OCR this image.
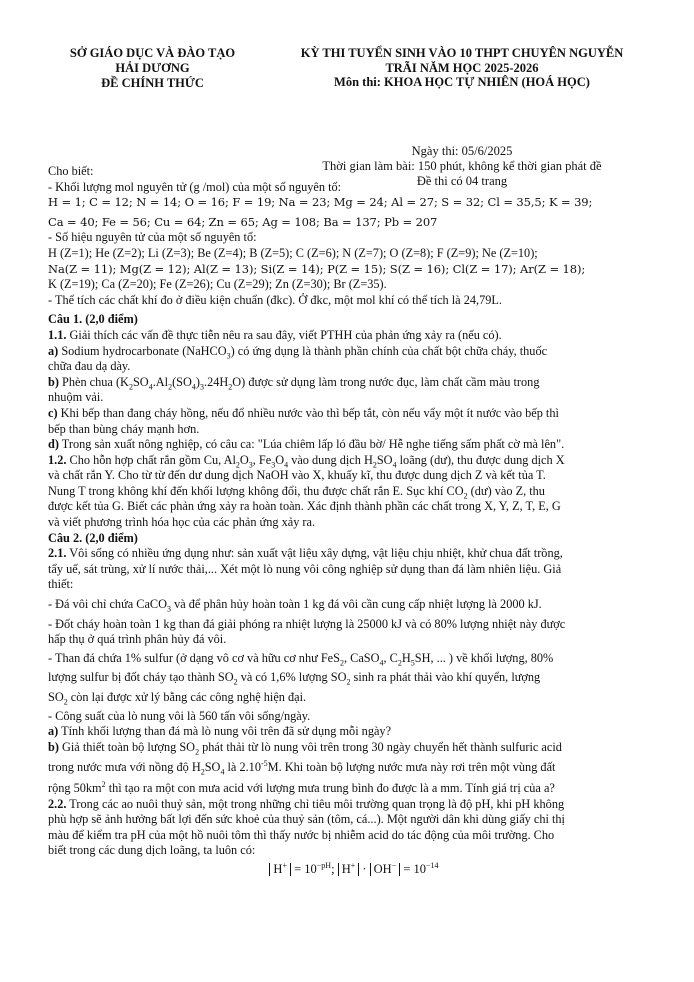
SỞ GIÁO DỤC VÀ ĐÀO TẠO
HẢI DƯƠNG
ĐỀ CHÍNH THỨC
KỲ THI TUYỂN SINH VÀO 10 THPT CHUYÊN NGUYỄN
TRÃI NĂM HỌC 2025-2026
Môn thi: KHOA HỌC TỰ NHIÊN (HOÁ HỌC)
Ngày thi: 05/6/2025
Thời gian làm bài: 150 phút, không kể thời gian phát đề
Đề thi có 04 trang
Cho biết:
- Khối lượng mol nguyên tử (g /mol) của một số nguyên tố:
H = 1; C = 12; N = 14; O = 16; F = 19; Na = 23; Mg = 24; Al = 27; S = 32; Cl = 35,5; K = 39;
Ca = 40; Fe = 56; Cu = 64; Zn = 65; Ag = 108; Ba = 137; Pb = 207
- Số hiệu nguyên tử của một số nguyên tố:
H (Z=1); He (Z=2); Li (Z=3); Be (Z=4); B (Z=5); C (Z=6); N (Z=7); O (Z=8); F (Z=9); Ne (Z=10);
Na(Z = 11); Mg(Z = 12); Al(Z = 13); Si(Z = 14); P(Z = 15); S(Z = 16); Cl(Z = 17); Ar(Z = 18);
K (Z=19); Ca (Z=20); Fe (Z=26); Cu (Z=29); Zn (Z=30); Br (Z=35).
- Thể tích các chất khí đo ở điều kiện chuẩn (đkc). Ở đkc, một mol khí có thể tích là 24,79L.
Câu 1. (2,0 điểm)
1.1. Giải thích các vấn đề thực tiễn nêu ra sau đây, viết PTHH của phản ứng xảy ra (nếu có).
a) Sodium hydrocarbonate (NaHCO$_3$) có ứng dụng là thành phần chính của chất bột chữa cháy, thuốc
chữa đau dạ dày.
b) Phèn chua $(K_2SO_4.Al_2(SO_4)_3.24H_2O)$ được sử dụng làm trong nước đục, làm chất cầm màu trong
nhuộm vải.
c) Khi bếp than đang cháy hồng, nếu đổ nhiều nước vào thì bếp tắt, còn nếu vẩy một ít nước vào bếp thì
bếp than bùng cháy mạnh hơn.
d) Trong sản xuất nông nghiệp, có câu ca: "Lúa chiêm lấp ló đầu bờ/ Hễ nghe tiếng sấm phất cờ mà lên".
1.2. Cho hỗn hợp chất rắn gồm Cu, $Al_2O_3$, $Fe_3O_4$ vào dung dịch $H_2SO_4$ loãng (dư), thu được dung dịch X
và chất rắn Y. Cho từ từ đến dư dung dịch NaOH vào X, khuấy kĩ, thu được dung dịch Z và kết tủa T.
Nung T trong không khí đến khối lượng không đổi, thu được chất rắn E. Sục khí $CO_2$ (dư) vào Z, thu
được kết tủa G. Biết các phản ứng xảy ra hoàn toàn. Xác định thành phần các chất trong X, Y, Z, T, E, G
và viết phương trình hóa học của các phản ứng xảy ra.
Câu 2. (2,0 điểm)
2.1. Vôi sống có nhiều ứng dụng như: sản xuất vật liệu xây dựng, vật liệu chịu nhiệt, khử chua đất trồng,
tẩy uế, sát trùng, xử lí nước thải,... Xét một lò nung vôi công nghiệp sử dụng than đá làm nhiên liệu. Giả
thiết:
- Đá vôi chỉ chứa CaCO$_3$ và để phân hủy hoàn toàn 1 kg đá vôi cần cung cấp nhiệt lượng là 2000 kJ.
- Đốt cháy hoàn toàn 1 kg than đá giải phóng ra nhiệt lượng là 25000 kJ và có 80% lượng nhiệt này được
hấp thụ ở quá trình phân hủy đá vôi.
- Than đá chứa 1% sulfur (ở dạng vô cơ và hữu cơ như FeS$_2$, CaSO$_4$, $C_2H_5SH$, ... ) về khối lượng, 80%
lượng sulfur bị đốt cháy tạo thành $SO_2$ và có 1,6% lượng $SO_2$ sinh ra phát thải vào khí quyển, lượng
$SO_2$ còn lại được xử lý bằng các công nghệ hiện đại.
- Công suất của lò nung vôi là 560 tấn vôi sống/ngày.
a) Tính khối lượng than đá mà lò nung vôi trên đã sử dụng mỗi ngày?
b) Giả thiết toàn bộ lượng $SO_2$ phát thải từ lò nung vôi trên trong 30 ngày chuyển hết thành sulfuric acid
trong nước mưa với nồng độ $H_2SO_4$ là $2.10^{-5}M$. Khi toàn bộ lượng nước mưa này rơi trên một vùng đất
rộng $50km^2$ thì tạo ra một con mưa acid với lượng mưa trung bình đo được là a mm. Tính giá trị của a?
2.2. Trong các ao nuôi thuỷ sản, một trong những chỉ tiêu môi trường quan trọng là độ pH, khi pH không
phù hợp sẽ ảnh hưởng bất lợi đến sức khoẻ của thuỷ sản (tôm, cá...). Một người dân khi dùng giấy chỉ thị
màu để kiểm tra pH của một hồ nuôi tôm thì thấy nước bị nhiễm acid do tác động của môi trường. Cho
biết trong các dung dịch loãng, ta luôn có:
$H^+ = 10^{-pH}$; $H^+ \cdot OH^- = 10^{-14}$
